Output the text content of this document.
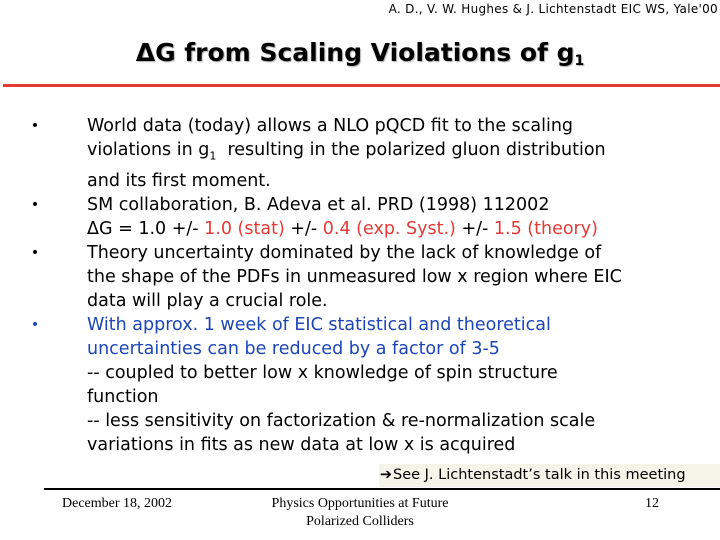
A. D., V. W. Hughes & J. Lichtenstadt EIC WS, Yale'00
ΔG from Scaling Violations of $g_1$
•	World data (today) allows a NLO pQCD fit to the scaling
violations in $g_1$  resulting in the polarized gluon distribution
and its first moment.
•	SM collaboration, B. Adeva et al. PRD (1998) 112002
ΔG = 1.0 +/- 1.0 (stat) +/- 0.4 (exp. Syst.) +/- 1.5 (theory)
•	Theory uncertainty dominated by the lack of knowledge of
the shape of the PDFs in unmeasured low x region where EIC
data will play a crucial role.
•	With approx. 1 week of EIC statistical and theoretical
uncertainties can be reduced by a factor of 3-5
-- coupled to better low x knowledge of spin structure
function
-- less sensitivity on factorization & re-normalization scale
variations in fits as new data at low x is acquired
➔See J. Lichtenstadt’s talk in this meeting
December 18, 2002	Physics Opportunities at Future
Polarized Colliders
12
